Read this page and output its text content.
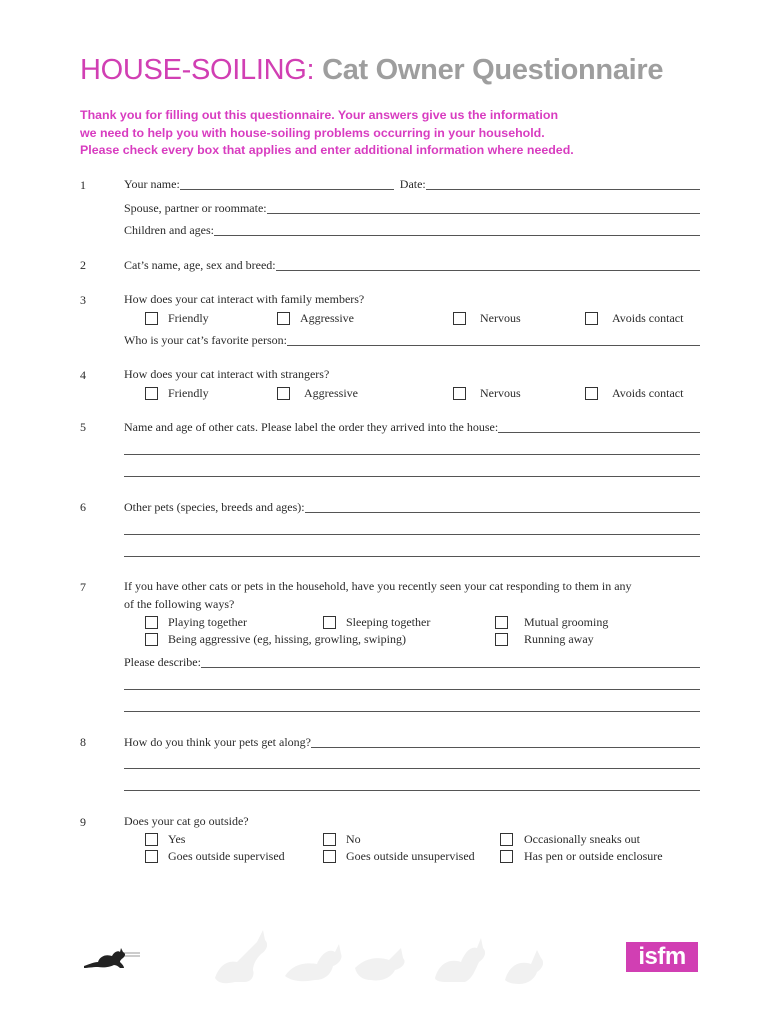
HOUSE-SOILING: Cat Owner Questionnaire
Thank you for filling out this questionnaire. Your answers give us the information
we need to help you with house-soiling problems occurring in your household.
Please check every box that applies and enter additional information where needed.
1	Your name:	Date:
Spouse, partner or roommate:
Children and ages:
2	Cat’s name, age, sex and breed:
3	How does your cat interact with family members?
Friendly	Aggressive	Nervous	Avoids contact
Who is your cat’s favorite person:
4	How does your cat interact with strangers?
Friendly	Aggressive	Nervous	Avoids contact
5	Name and age of other cats. Please label the order they arrived into the house:
6	Other pets (species, breeds and ages):
7	If you have other cats or pets in the household, have you recently seen your cat responding to them in any
of the following ways?
Playing together	Sleeping together	Mutual grooming
Being aggressive (eg, hissing, growling, swiping)	Running away
Please describe:
8	How do you think your pets get along?
9	Does your cat go outside?
Yes	No	Occasionally sneaks out
Goes outside supervised	Goes outside unsupervised	Has pen or outside enclosure
isfm
